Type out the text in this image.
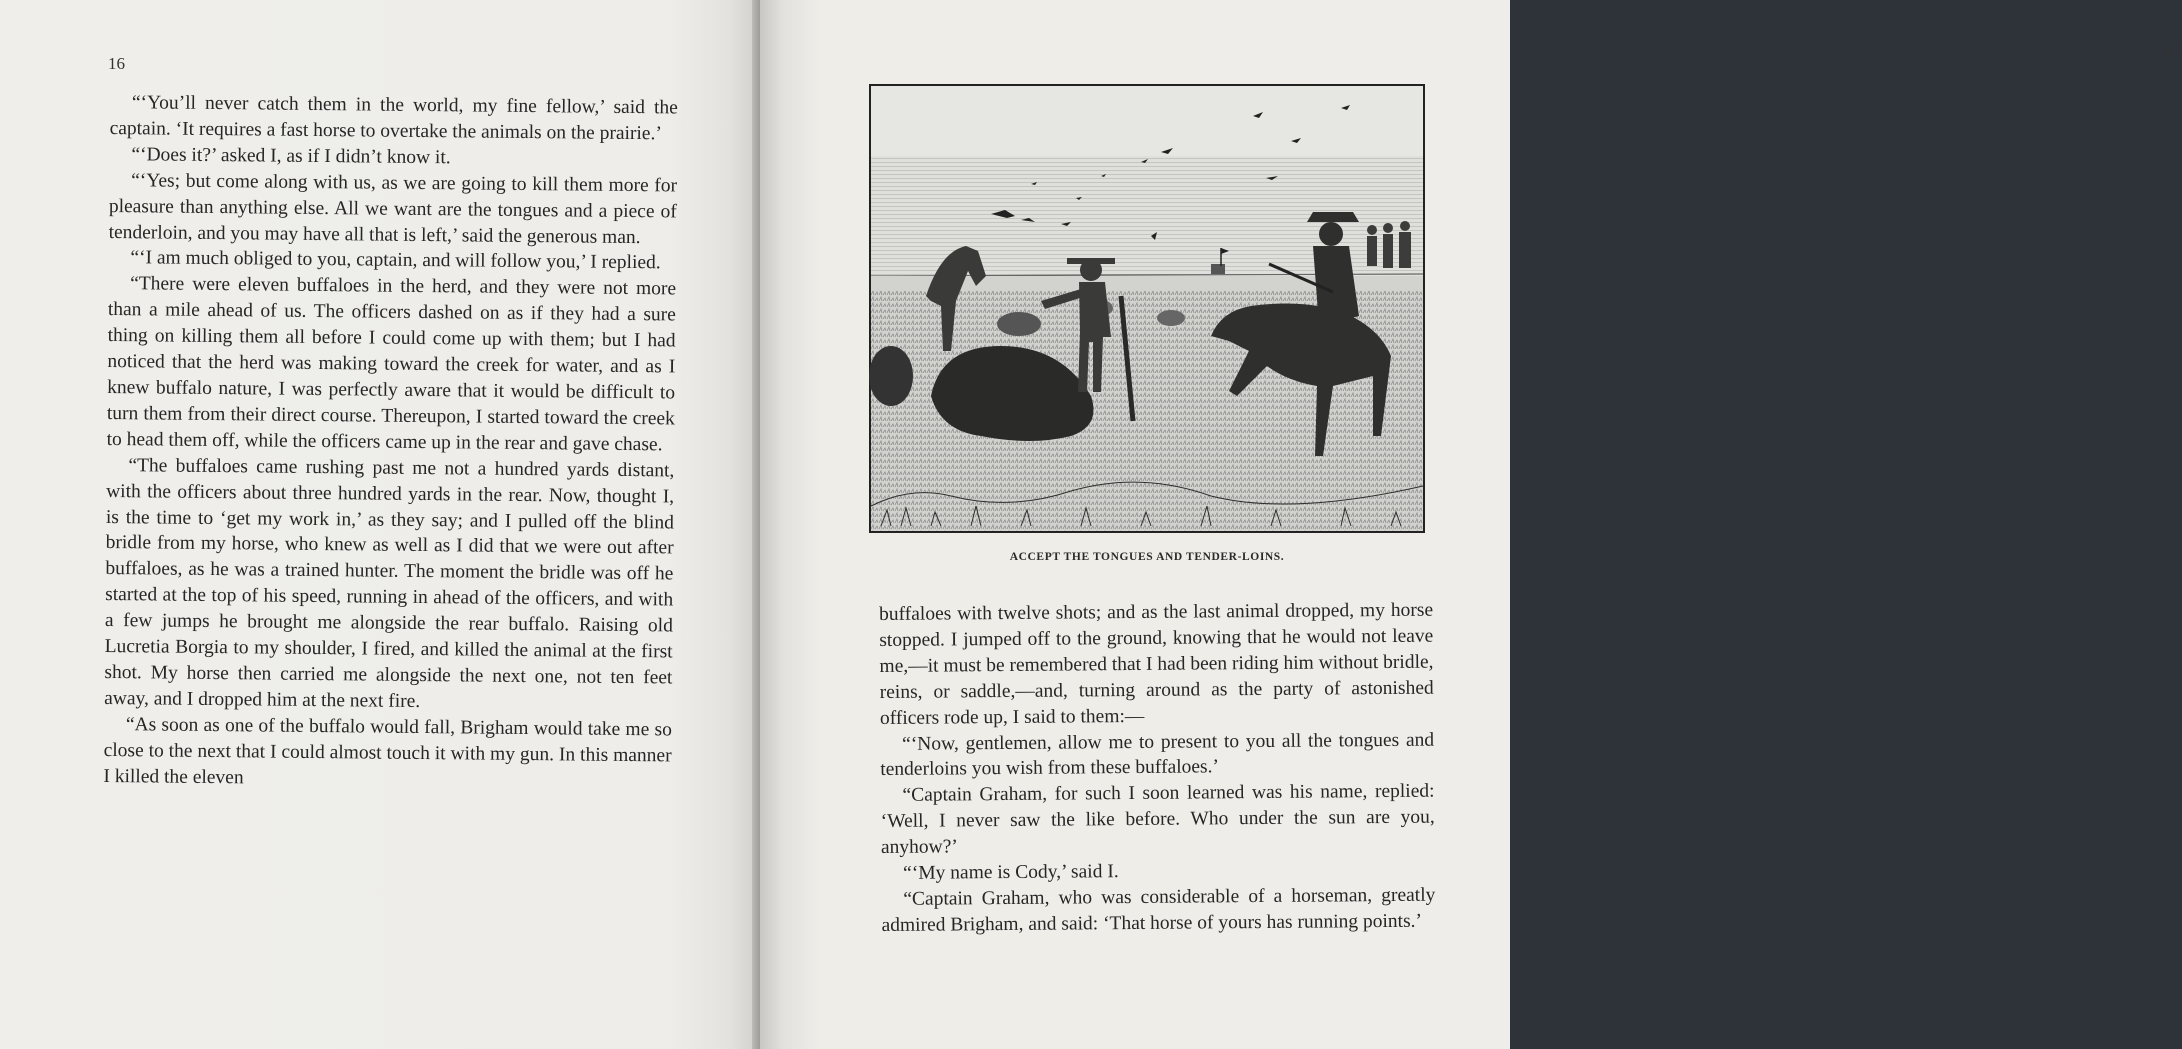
16

“‘You’ll never catch them in the world, my fine fellow,’ said the captain. ‘It requires a fast horse to overtake the animals on the prairie.’

“‘Does it?’ asked I, as if I didn’t know it.

“‘Yes; but come along with us, as we are going to kill them more for pleasure than anything else. All we want are the tongues and a piece of tenderloin, and you may have all that is left,’ said the generous man.

“‘I am much obliged to you, captain, and will follow you,’ I replied.

“There were eleven buffaloes in the herd, and they were not more than a mile ahead of us. The officers dashed on as if they had a sure thing on killing them all before I could come up with them; but I had noticed that the herd was making toward the creek for water, and as I knew buffalo nature, I was perfectly aware that it would be difficult to turn them from their direct course. Thereupon, I started toward the creek to head them off, while the officers came up in the rear and gave chase.

“The buffaloes came rushing past me not a hundred yards distant, with the officers about three hundred yards in the rear. Now, thought I, is the time to ‘get my work in,’ as they say; and I pulled off the blind bridle from my horse, who knew as well as I did that we were out after buffaloes, as he was a trained hunter. The moment the bridle was off he started at the top of his speed, running in ahead of the officers, and with a few jumps he brought me alongside the rear buffalo. Raising old Lucretia Borgia to my shoulder, I fired, and killed the animal at the first shot. My horse then carried me alongside the next one, not ten feet away, and I dropped him at the next fire.

“As soon as one of the buffalo would fall, Brigham would take me so close to the next that I could almost touch it with my gun. In this manner I killed the eleven

17
ACCEPT THE TONGUES AND TENDER-LOINS.

buffaloes with twelve shots; and as the last animal dropped, my horse stopped. I jumped off to the ground, knowing that he would not leave me,—it must be remembered that I had been riding him without bridle, reins, or saddle,—and, turning around as the party of astonished officers rode up, I said to them:—

“‘Now, gentlemen, allow me to present to you all the tongues and tenderloins you wish from these buffaloes.’

“Captain Graham, for such I soon learned was his name, replied: ‘Well, I never saw the like before. Who under the sun are you, anyhow?’

“‘My name is Cody,’ said I.

“Captain Graham, who was considerable of a horseman, greatly admired Brigham, and said: ‘That horse of yours has running points.’
